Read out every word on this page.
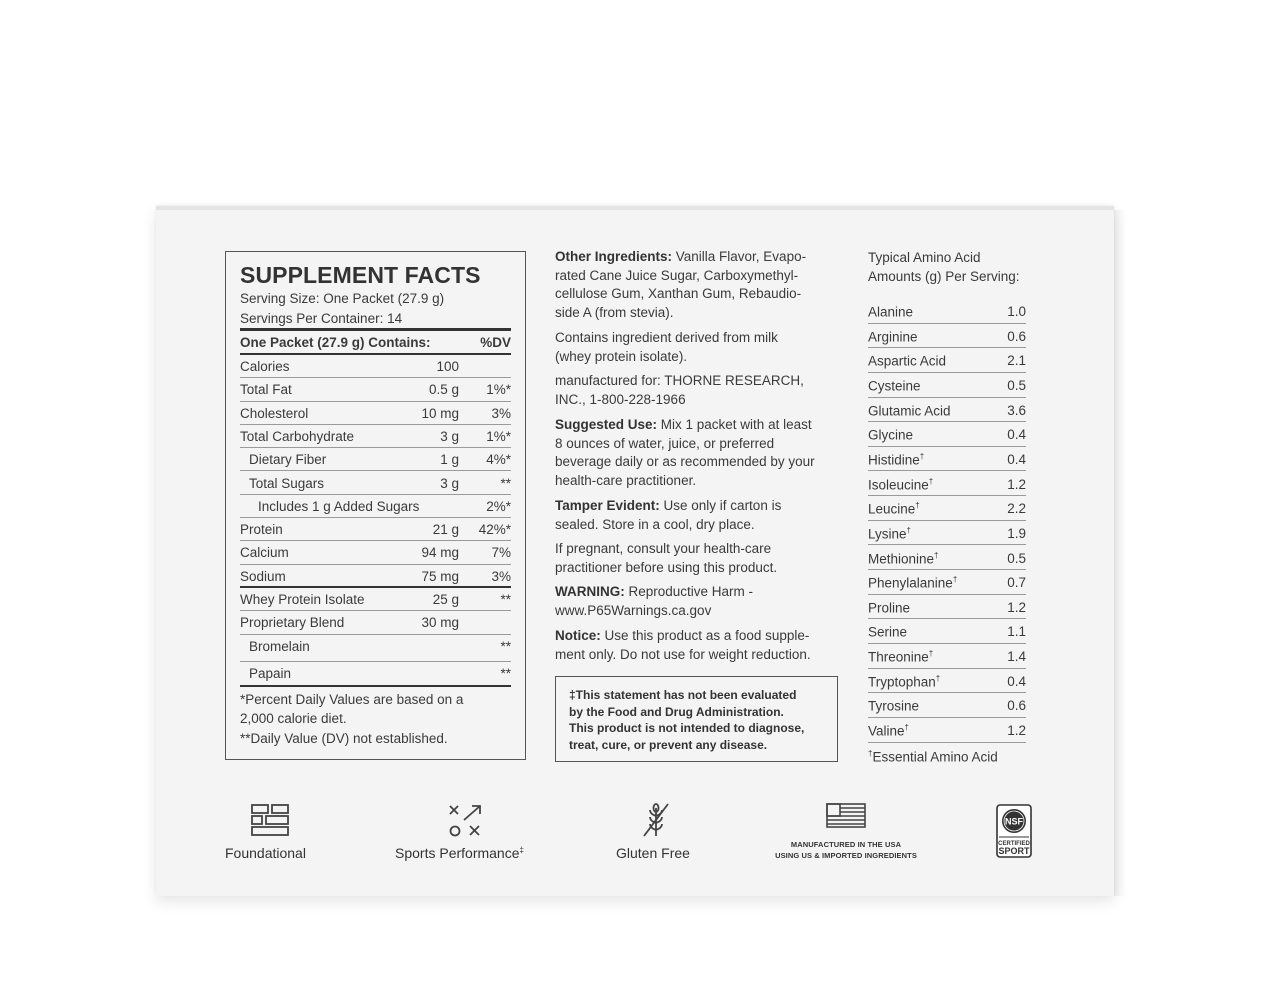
SUPPLEMENT FACTS
Serving Size: One Packet (27.9 g)
Servings Per Container: 14
One Packet (27.9 g) Contains:	%DV
*Percent Daily Values are based on a
2,000 calorie diet.
**Daily Value (DV) not established.
Calories	100
Total Fat	0.5 g 1%*
Cholesterol	10 mg 3%
Total Carbohydrate	3 g 1%*
Dietary Fiber	1 g 4%*
Total Sugars	3 g	**
Includes 1 g Added Sugars	2%*
Protein	21 g 42%*
Calcium	94 mg 7%
Sodium	75 mg 3%
Whey Protein Isolate	25 g	**
Proprietary Blend	30 mg
Bromelain	**
Papain	**
Other Ingredients: Vanilla Flavor, Evapo-
rated Cane Juice Sugar, Carboxymethyl-
cellulose Gum, Xanthan Gum, Rebaudio-
side A (from stevia).
Contains ingredient derived from milk
(whey protein isolate).
manufactured for: THORNE RESEARCH,
INC., 1-800-228-1966
Suggested Use: Mix 1 packet with at least
8 ounces of water, juice, or preferred
beverage daily or as recommended by your
health-care practitioner.
Tamper Evident: Use only if carton is
sealed. Store in a cool, dry place.
If pregnant, consult your health-care
practitioner before using this product.
WARNING: Reproductive Harm -
www.P65Warnings.ca.gov
Notice: Use this product as a food supple-
ment only. Do not use for weight reduction.
‡This statement has not been evaluated
by the Food and Drug Administration.
This product is not intended to diagnose,
treat, cure, or prevent any disease.
Typical Amino Acid
Amounts (g) Per Serving:
Alanine	1.0
Arginine	0.6
Aspartic Acid	2.1
Cysteine	0.5
Glutamic Acid	3.6
Glycine	0.4
Histidine†	0.4
Isoleucine†	1.2
Leucine†	2.2
Lysine†	1.9
Methionine†	0.5
Phenylalanine†	0.7
Proline	1.2
Serine	1.1
Threonine†	1.4
Tryptophan†	0.4
Tyrosine	0.6
Valine†	1.2
†Essential Amino Acid
Foundational	Sports Performance‡	Gluten Free
MANUFACTURED IN THE USA
USING US & IMPORTED INGREDIENTS
NSF
CERTIFIED
SPORT
